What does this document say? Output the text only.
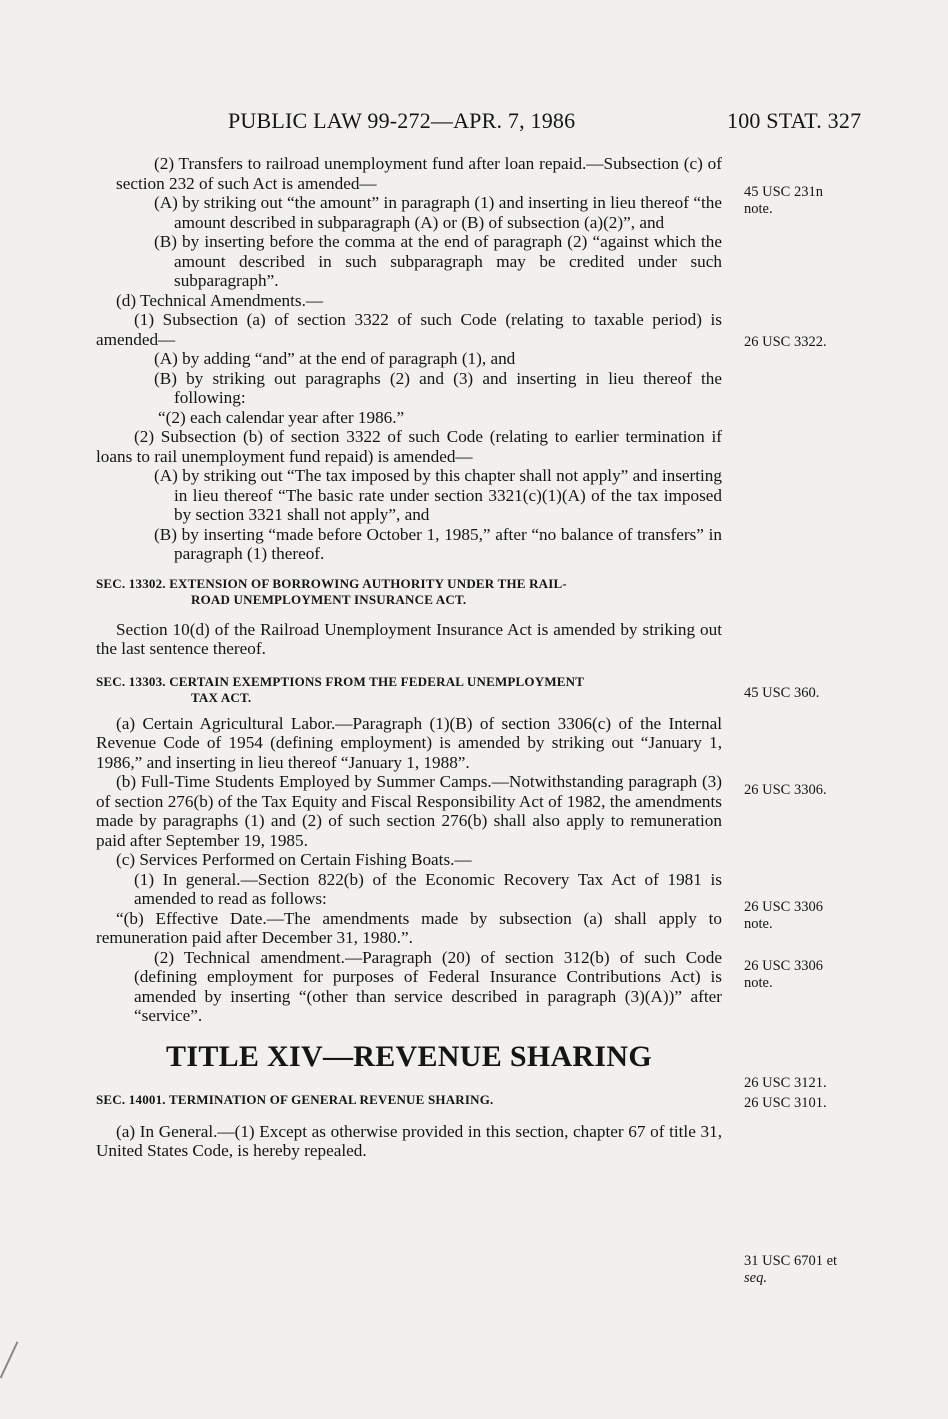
PUBLIC LAW 99-272—APR. 7, 1986	100 STAT. 327

(2) Transfers to railroad unemployment fund after loan repaid.—Subsection (c) of section 232 of such Act is amended—

(A) by striking out “the amount” in paragraph (1) and inserting in lieu thereof “the amount described in subparagraph (A) or (B) of subsection (a)(2)”, and

(B) by inserting before the comma at the end of paragraph (2) “against which the amount described in such subparagraph may be credited under such subparagraph”.

(d) Technical Amendments.—

(1) Subsection (a) of section 3322 of such Code (relating to taxable period) is amended—

(A) by adding “and” at the end of paragraph (1), and

(B) by striking out paragraphs (2) and (3) and inserting in lieu thereof the following:

“(2) each calendar year after 1986.”

(2) Subsection (b) of section 3322 of such Code (relating to earlier termination if loans to rail unemployment fund repaid) is amended—

(A) by striking out “The tax imposed by this chapter shall not apply” and inserting in lieu thereof “The basic rate under section 3321(c)(1)(A) of the tax imposed by section 3321 shall not apply”, and

(B) by inserting “made before October 1, 1985,” after “no balance of transfers” in paragraph (1) thereof.

SEC. 13302. EXTENSION OF BORROWING AUTHORITY UNDER THE RAIL-
ROAD UNEMPLOYMENT INSURANCE ACT.

Section 10(d) of the Railroad Unemployment Insurance Act is amended by striking out the last sentence thereof.

SEC. 13303. CERTAIN EXEMPTIONS FROM THE FEDERAL UNEMPLOYMENT
TAX ACT.

(a) Certain Agricultural Labor.—Paragraph (1)(B) of section 3306(c) of the Internal Revenue Code of 1954 (defining employment) is amended by striking out “January 1, 1986,” and inserting in lieu thereof “January 1, 1988”.

(b) Full-Time Students Employed by Summer Camps.—Notwithstanding paragraph (3) of section 276(b) of the Tax Equity and Fiscal Responsibility Act of 1982, the amendments made by paragraphs (1) and (2) of such section 276(b) shall also apply to remuneration paid after September 19, 1985.

(c) Services Performed on Certain Fishing Boats.—

(1) In general.—Section 822(b) of the Economic Recovery Tax Act of 1981 is amended to read as follows:

“(b) Effective Date.—The amendments made by subsection (a) shall apply to remuneration paid after December 31, 1980.”.

(2) Technical amendment.—Paragraph (20) of section 312(b) of such Code (defining employment for purposes of Federal Insurance Contributions Act) is amended by inserting “(other than service described in paragraph (3)(A))” after “service”.

TITLE XIV—REVENUE SHARING

SEC. 14001. TERMINATION OF GENERAL REVENUE SHARING.

(a) In General.—(1) Except as otherwise provided in this section, chapter 67 of title 31, United States Code, is hereby repealed.

45 USC 231n
note.
26 USC 3322.
45 USC 360.
26 USC 3306.
26 USC 3306
note.
26 USC 3306
note.
26 USC 3121.
26 USC 3101.
31 USC 6701 et
seq.
